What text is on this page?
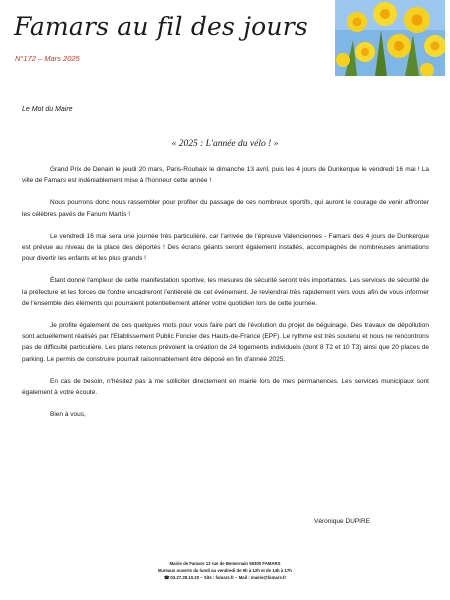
Famars au fil des jours
N°172 – Mars 2025
Le Mot du Maire
« 2025 : L'année du vélo ! »

Grand Prix de Denain le jeudi 20 mars, Paris-Roubaix le dimanche 13 avril, puis les 4 jours de Dunkerque le vendredi 16 mai ! La ville de Famars est indéniablement mise à l'honneur cette année !

Nous pourrons donc nous rassembler pour profiter du passage de ces nombreux sportifs, qui auront le courage de venir affronter les célèbres pavés de Fanum Martis !

Le vendredi 16 mai sera une journée très particulière, car l'arrivée de l'épreuve Valenciennes - Famars des 4 jours de Dunkerque est prévue au niveau de la place des déportés ! Des écrans géants seront également installés, accompagnés de nombreuses animations pour divertir les enfants et les plus grands !

Étant donné l'ampleur de cette manifestation sportive, les mesures de sécurité seront très importantes. Les services de sécurité de la préfecture et les forces de l'ordre encadreront l'entièreté de cet événement. Je reviendrai très rapidement vers vous afin de vous informer de l'ensemble des éléments qui pourraient potentiellement altérer votre quotidien lors de cette journée.

Je profite également de ces quelques mots pour vous faire part de l'évolution du projet de béguinage. Des travaux de dépollution sont actuellement réalisés par l'Etablissement Public Foncier des Hauts-de-France (EPF). Le rythme est très soutenu et nous ne rencontrons pas de difficulté particulière. Les plans retenus prévoient la création de 24 logements individuels (dont 8 T2 et 10 T3) ainsi que 20 places de parking. Le permis de construire pourrait raisonnablement être déposé en fin d'année 2025.

En cas de besoin, n'hésitez pas à me solliciter directement en mairie lors de mes permanences. Les services municipaux sont également à votre écoute.

Bien à vous,

Véronique DUPIRE
Mairie de Famars 13 rue de Bemernain 59300 FAMARS
Bureaux ouverts du lundi au vendredi de 9h à 12h et de 14h à 17h
☎ 03.27.28.10.20 – Site : famars.fr – Mail : mairie@famars.fr
